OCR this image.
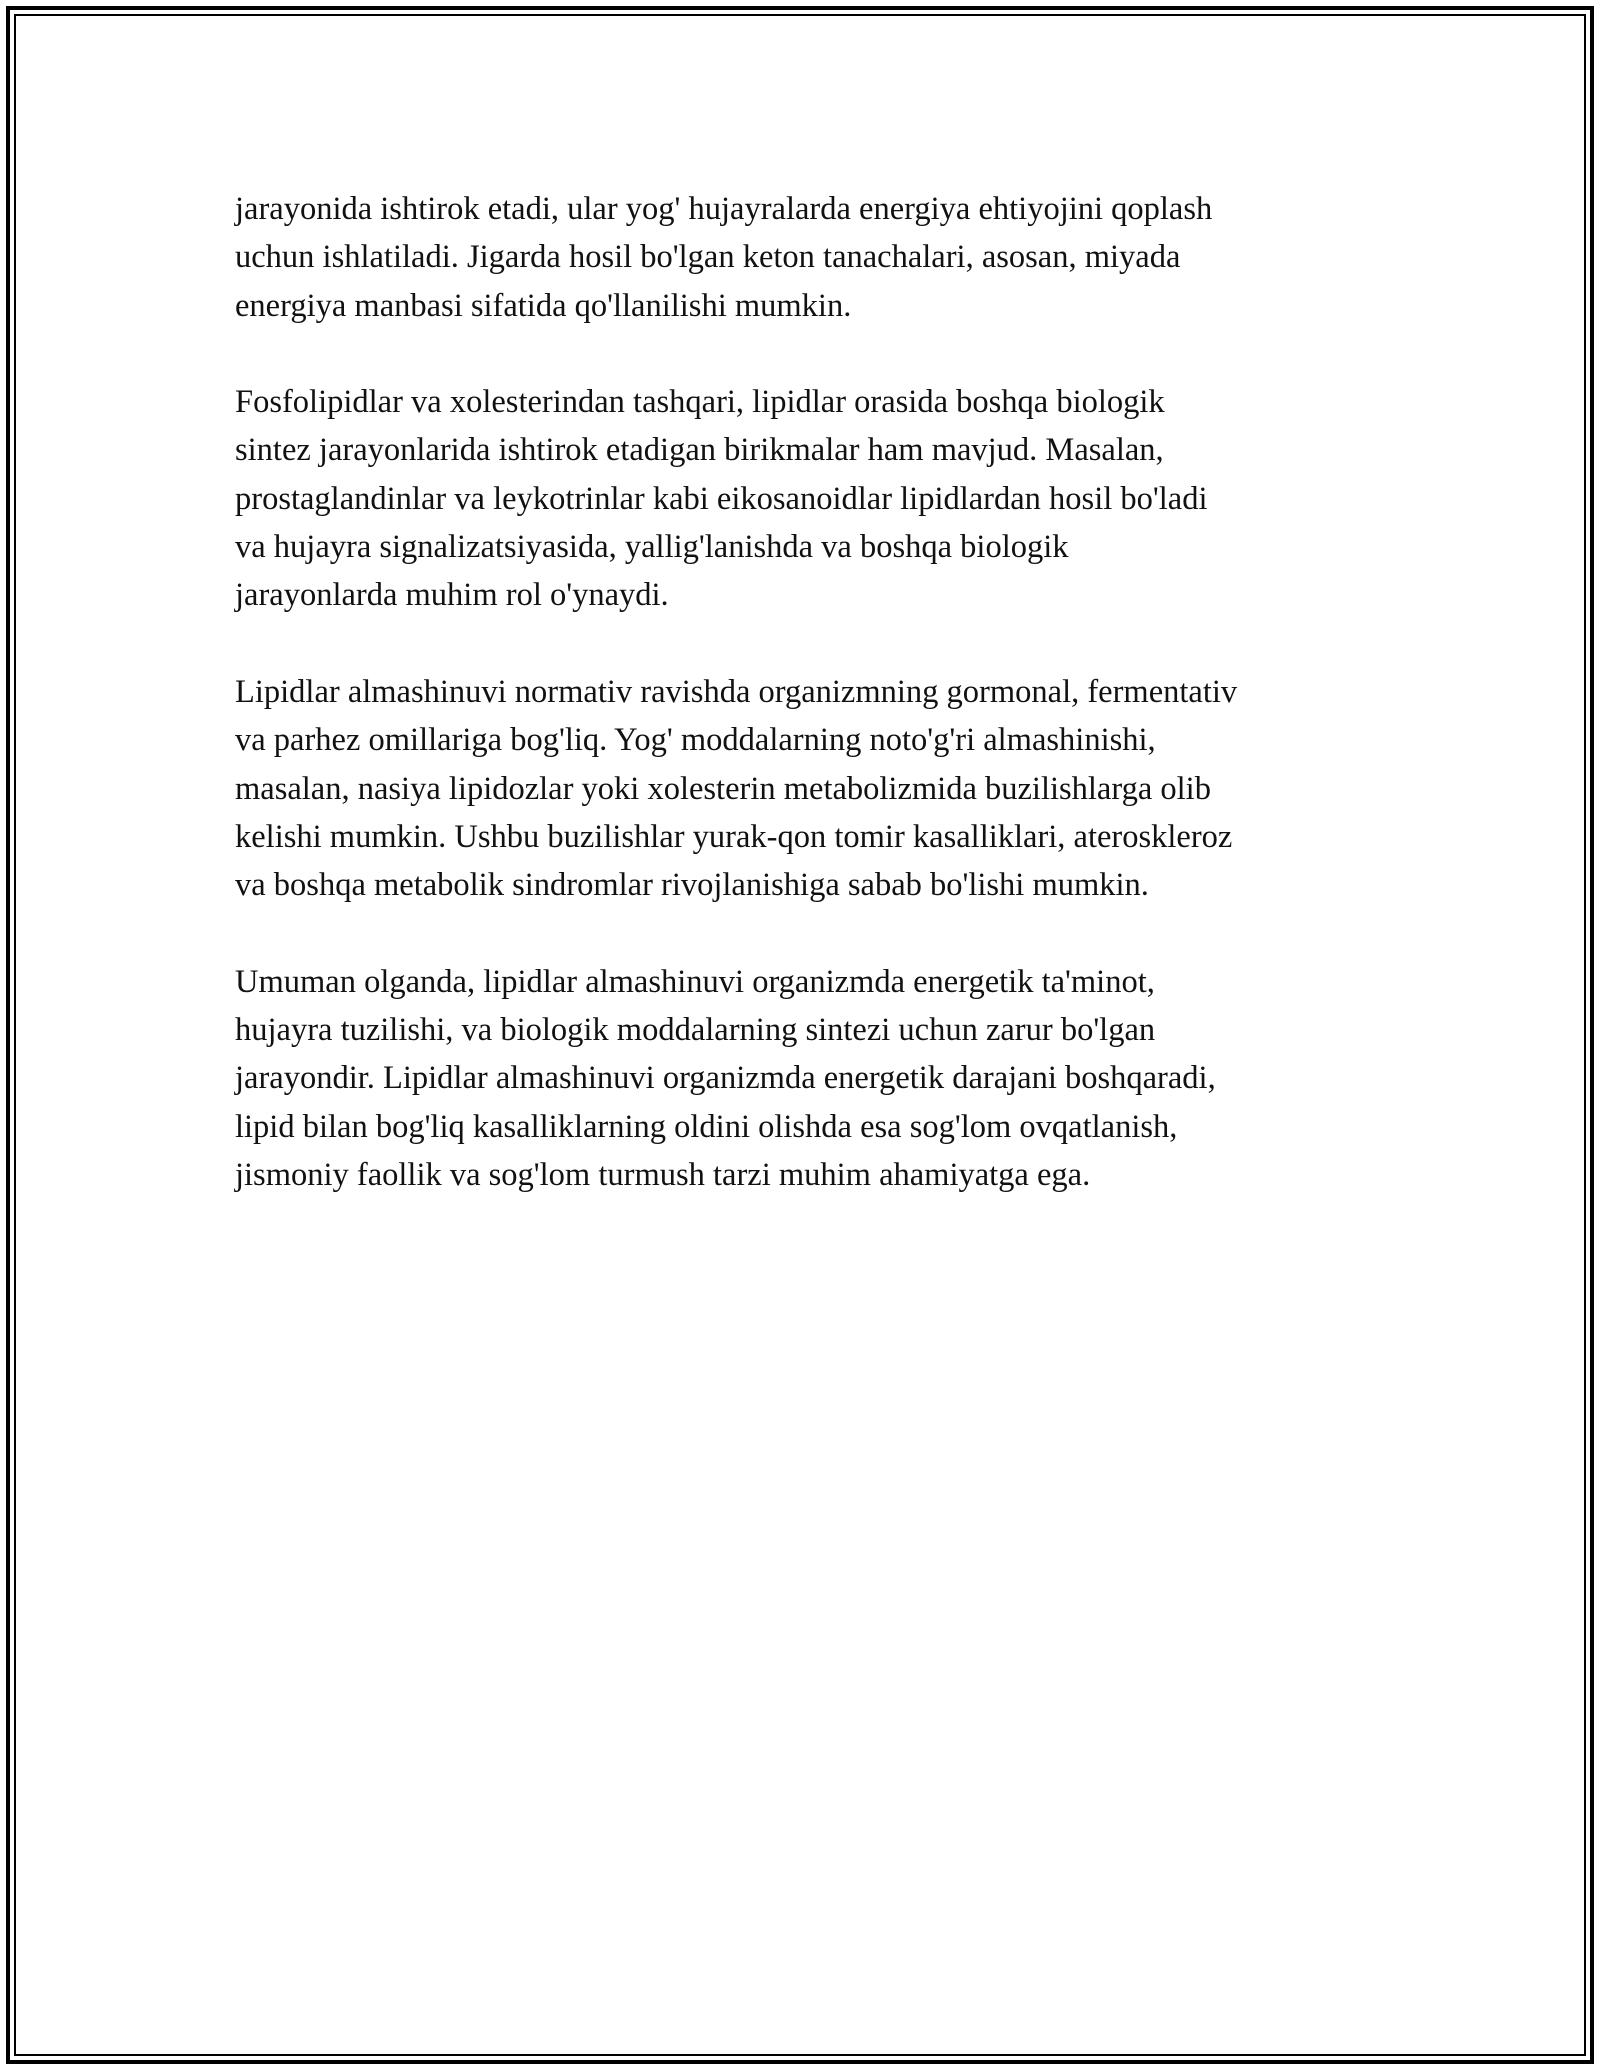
jarayonida ishtirok etadi, ular yog' hujayralarda energiya ehtiyojini qoplash
uchun ishlatiladi. Jigarda hosil bo'lgan keton tanachalari, asosan, miyada
energiya manbasi sifatida qo'llanilishi mumkin.

Fosfolipidlar va xolesterindan tashqari, lipidlar orasida boshqa biologik
sintez jarayonlarida ishtirok etadigan birikmalar ham mavjud. Masalan,
prostaglandinlar va leykotrinlar kabi eikosanoidlar lipidlardan hosil bo'ladi
va hujayra signalizatsiyasida, yallig'lanishda va boshqa biologik
jarayonlarda muhim rol o'ynaydi.

Lipidlar almashinuvi normativ ravishda organizmning gormonal, fermentativ
va parhez omillariga bog'liq. Yog' moddalarning noto'g'ri almashinishi,
masalan, nasiya lipidozlar yoki xolesterin metabolizmida buzilishlarga olib
kelishi mumkin. Ushbu buzilishlar yurak-qon tomir kasalliklari, ateroskleroz
va boshqa metabolik sindromlar rivojlanishiga sabab bo'lishi mumkin.

Umuman olganda, lipidlar almashinuvi organizmda energetik ta'minot,
hujayra tuzilishi, va biologik moddalarning sintezi uchun zarur bo'lgan
jarayondir. Lipidlar almashinuvi organizmda energetik darajani boshqaradi,
lipid bilan bog'liq kasalliklarning oldini olishda esa sog'lom ovqatlanish,
jismoniy faollik va sog'lom turmush tarzi muhim ahamiyatga ega.
